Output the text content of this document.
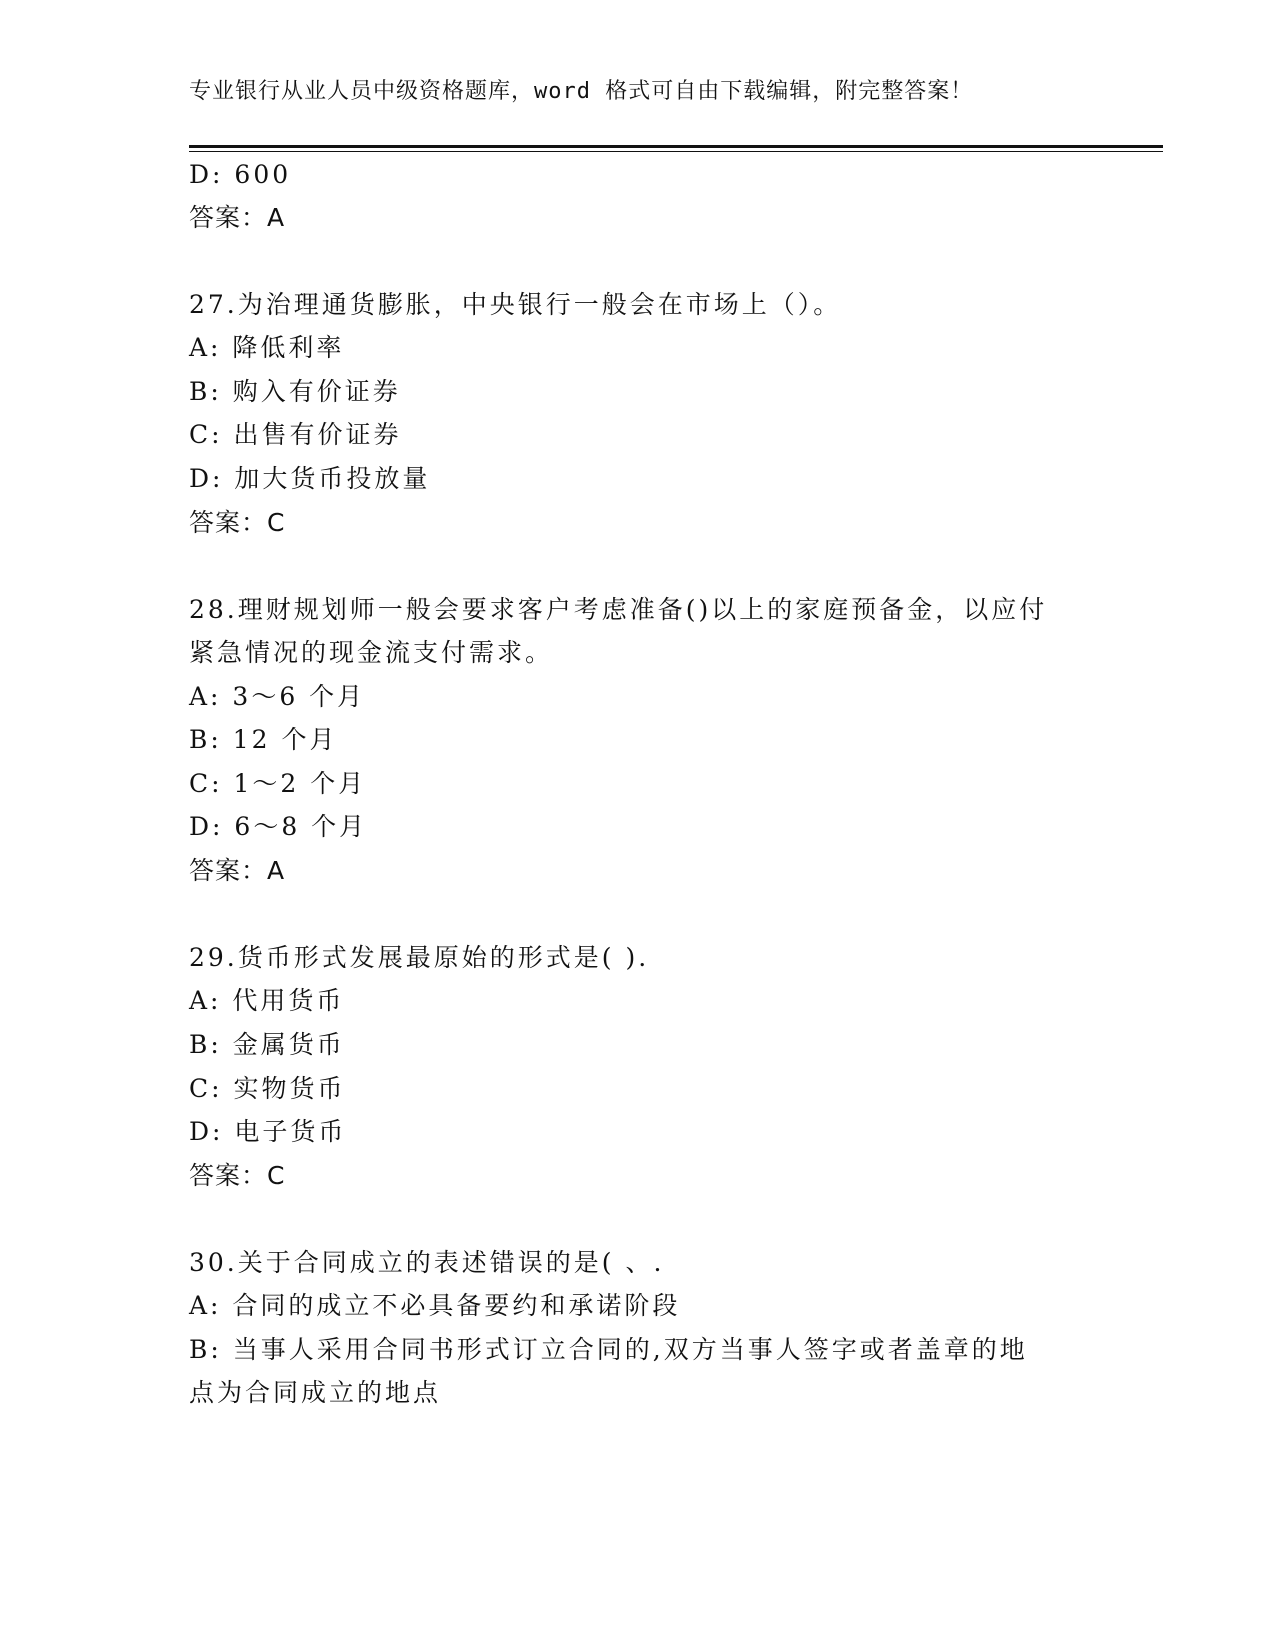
专业银行从业人员中级资格题库，word 格式可自由下载编辑，附完整答案！
D: 600
答案：A
27.为治理通货膨胀，中央银行一般会在市场上（）。
A: 降低利率
B: 购入有价证券
C: 出售有价证券
D: 加大货币投放量
答案：C
28.理财规划师一般会要求客户考虑准备()以上的家庭预备金，以应付
紧急情况的现金流支付需求。
A: 3～6 个月
B: 12 个月
C: 1～2 个月
D: 6～8 个月
答案：A
29.货币形式发展最原始的形式是( ).
A: 代用货币
B: 金属货币
C: 实物货币
D: 电子货币
答案：C
30.关于合同成立的表述错误的是( 、.
A: 合同的成立不必具备要约和承诺阶段
B: 当事人采用合同书形式订立合同的,双方当事人签字或者盖章的地
点为合同成立的地点
